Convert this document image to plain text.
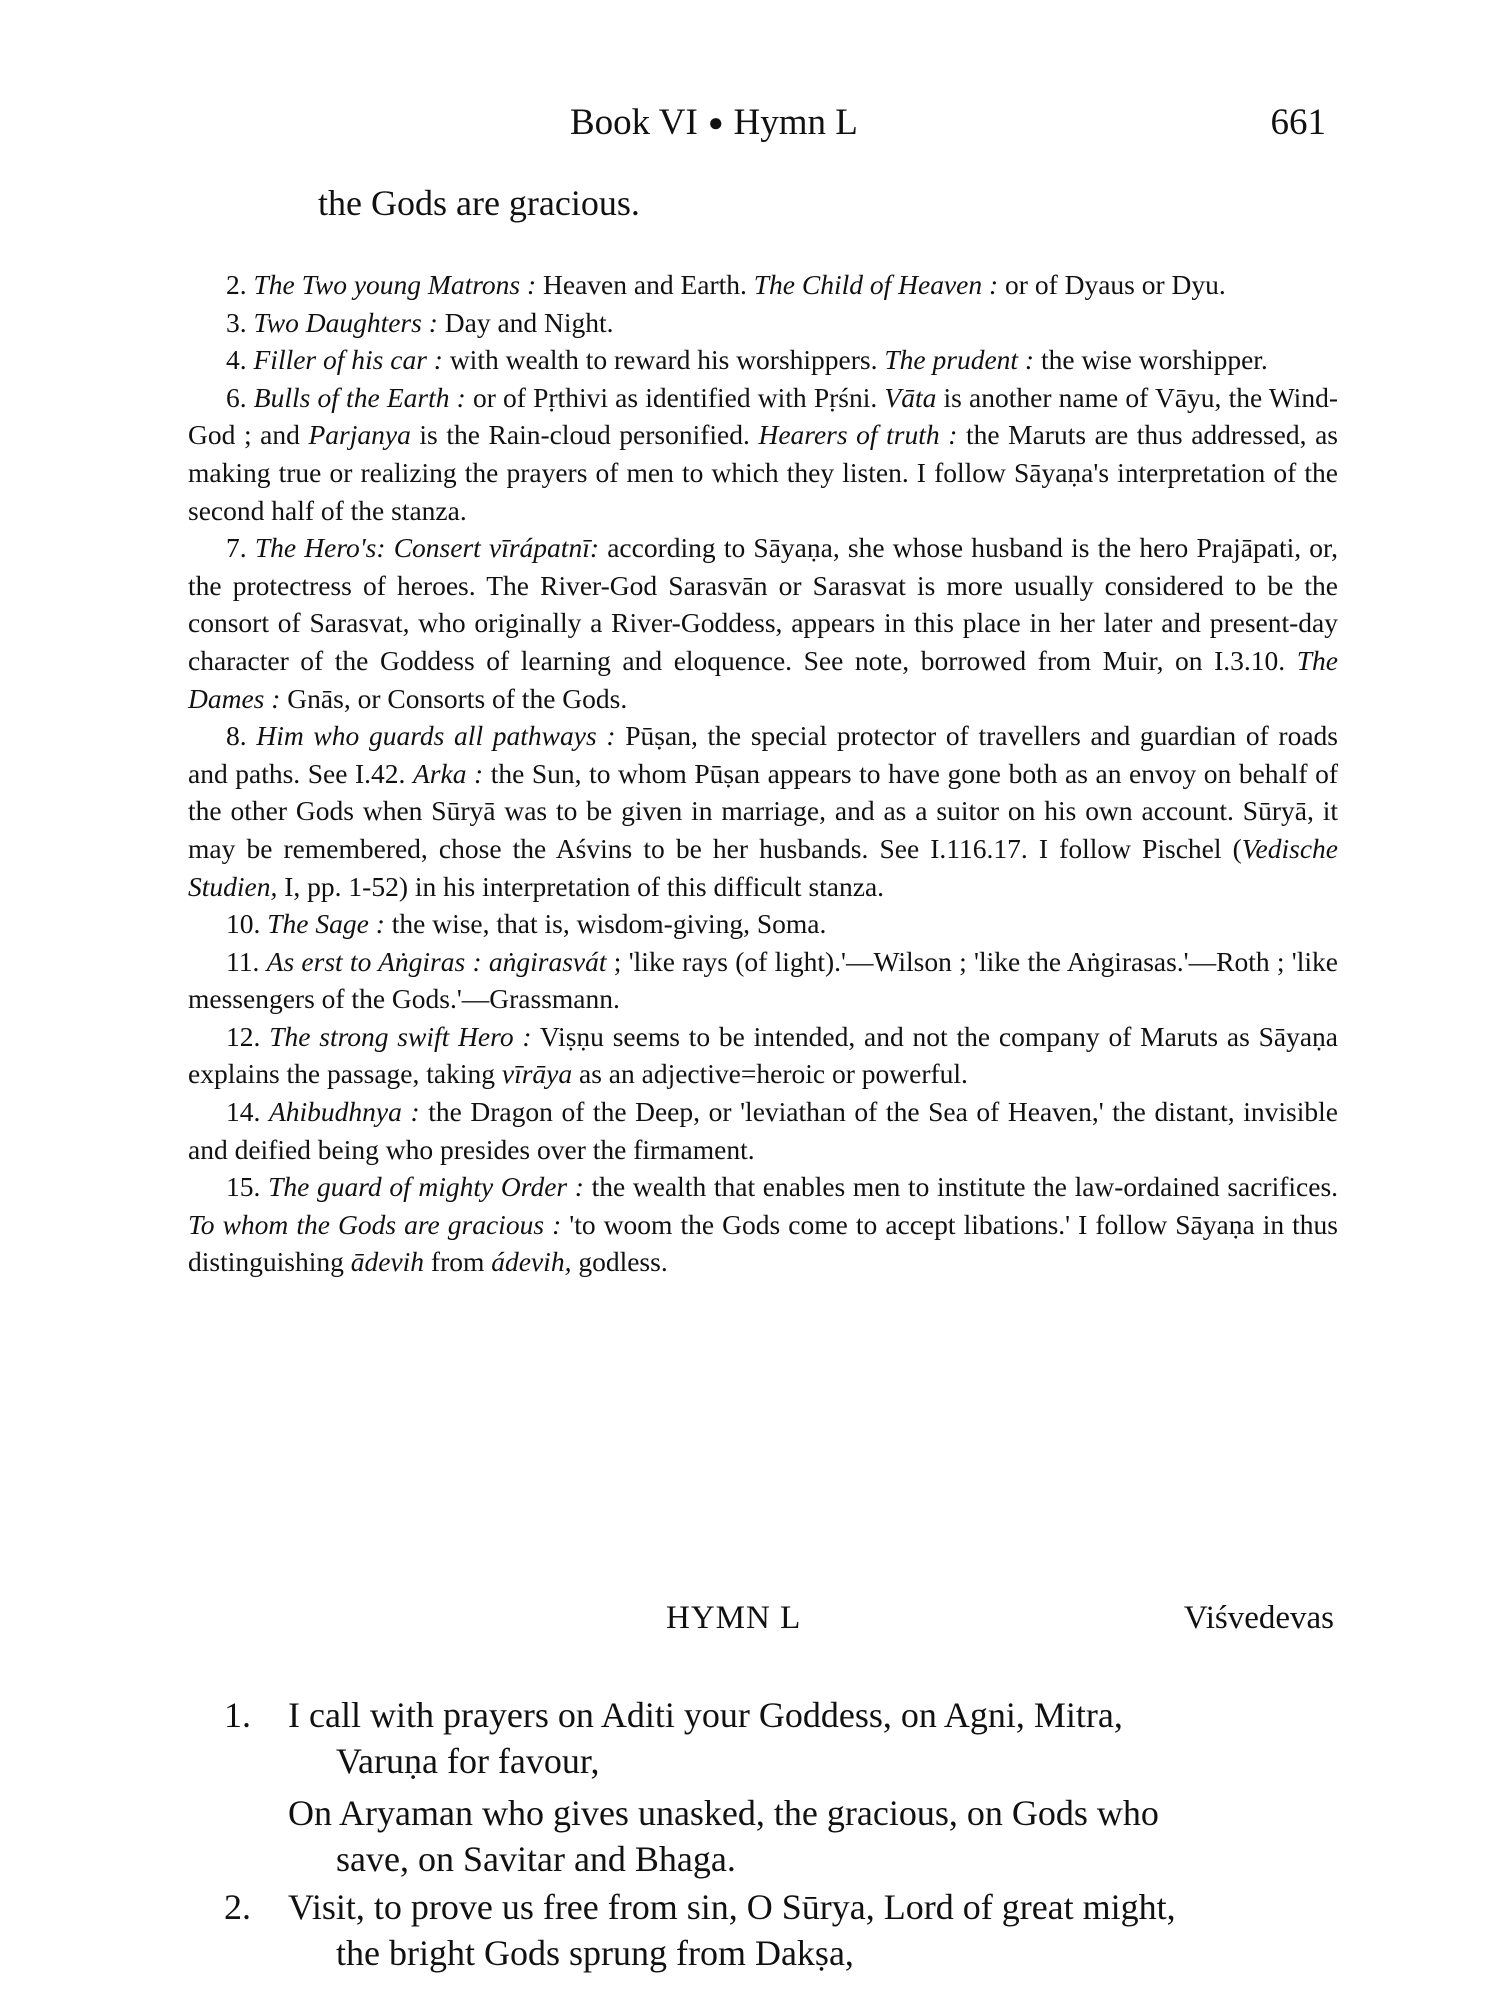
Book VI ● Hymn L	661
the Gods are gracious.

2. The Two young Matrons : Heaven and Earth. The Child of Heaven : or of Dyaus or Dyu.

3. Two Daughters : Day and Night.

4. Filler of his car : with wealth to reward his worshippers. The prudent : the wise worshipper.

6. Bulls of the Earth : or of Pṛthivi as identified with Pṛśni. Vāta is another name of Vāyu, the Wind-God ; and Parjanya is the Rain-cloud personified. Hearers of truth : the Maruts are thus addressed, as making true or realizing the prayers of men to which they listen. I follow Sāyaṇa's interpretation of the second half of the stanza.

7. The Hero's: Consert vīrápatnī: according to Sāyaṇa, she whose husband is the hero Prajāpati, or, the protectress of heroes. The River-God Sarasvān or Sarasvat is more usually considered to be the consort of Sarasvat, who originally a River-Goddess, appears in this place in her later and present-day character of the Goddess of learning and eloquence. See note, borrowed from Muir, on I.3.10. The Dames : Gnās, or Consorts of the Gods.

8. Him who guards all pathways : Pūṣan, the special protector of travellers and guardian of roads and paths. See I.42. Arka : the Sun, to whom Pūṣan appears to have gone both as an envoy on behalf of the other Gods when Sūryā was to be given in marriage, and as a suitor on his own account. Sūryā, it may be remembered, chose the Aśvins to be her husbands. See I.116.17. I follow Pischel (Vedische Studien, I, pp. 1-52) in his interpretation of this difficult stanza.

10. The Sage : the wise, that is, wisdom-giving, Soma.

11. As erst to Aṅgiras : aṅgirasvát ; 'like rays (of light).'—Wilson ; 'like the Aṅgirasas.'—Roth ; 'like messengers of the Gods.'—Grassmann.

12. The strong swift Hero : Viṣṇu seems to be intended, and not the company of Maruts as Sāyaṇa explains the passage, taking vīrāya as an adjective=heroic or powerful.

14. Ahibudhnya : the Dragon of the Deep, or 'leviathan of the Sea of Heaven,' the distant, invisible and deified being who presides over the firmament.

15. The guard of mighty Order : the wealth that enables men to institute the law-ordained sacrifices. To whom the Gods are gracious : 'to woom the Gods come to accept libations.' I follow Sāyaṇa in thus distinguishing ādevih from ádevih, godless.

HYMN L	Viśvedevas
1. I call with prayers on Aditi your Goddess, on Agni, Mitra,
Varuṇa for favour,
On Aryaman who gives unasked, the gracious, on Gods who
save, on Savitar and Bhaga.
2. Visit, to prove us free from sin, O Sūrya, Lord of great might,
the bright Gods sprung from Dakṣa,
